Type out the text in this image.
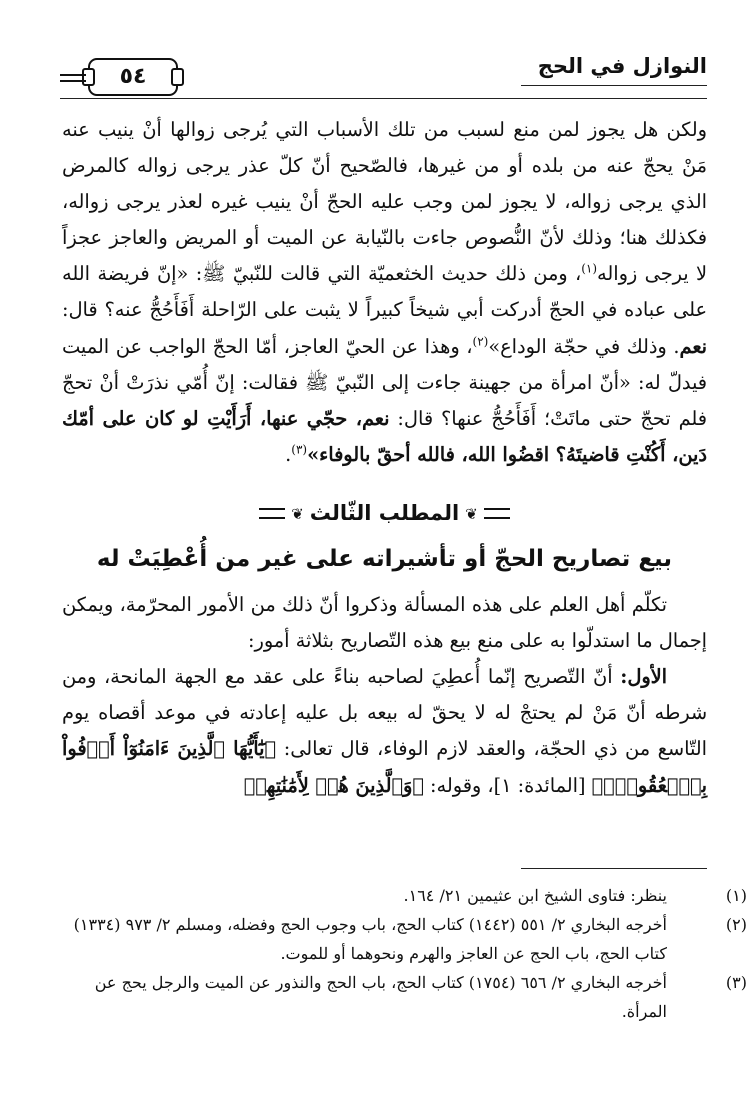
النوازل في الحج
٥٤

ولكن هل يجوز لمن منع لسبب من تلك الأسباب التي يُرجى زوالها أنْ ينيب عنه مَنْ يحجّ عنه من بلده أو من غيرها، فالصّحيح أنّ كلّ عذر يرجى زواله كالمرض الذي يرجى زواله، لا يجوز لمن وجب عليه الحجّ أنْ ينيب غيره لعذر يرجى زواله، فكذلك هنا؛ وذلك لأنّ النُّصوص جاءت بالنّيابة عن الميت أو المريض والعاجز عجزاً لا يرجى زواله$^{(١)}$، ومن ذلك حديث الخثعميّة التي قالت للنّبيّ ﷺ: «إنّ فريضة الله على عباده في الحجّ أدركت أبي شيخاً كبيراً لا يثبت على الرّاحلة أَفَأَحُجُّ عنه؟ قال: نعم. وذلك في حجّة الوداع»$^{(٢)}$، وهذا عن الحيّ العاجز، أمّا الحجّ الواجب عن الميت فيدلّ له: «أنّ امرأة من جهينة جاءت إلى النّبيّ ﷺ فقالت: إنّ أُمّي نذرَتْ أنْ تحجّ فلم تحجّ حتى ماتَتْ؛ أَفَأَحُجُّ عنها؟ قال: نعم، حجّي عنها، أَرَأَيْتِ لو كان على أمّك دَين، أَكُنْتِ قاضيتَهُ؟ اقضُوا الله، فالله أحقّ بالوفاء»$^{(٣)}$.

❦المطلب الثّالث❦
بيع تصاريح الحجّ أو تأشيراته على غير من أُعْطِيَتْ له

تكلّم أهل العلم على هذه المسألة وذكروا أنّ ذلك من الأمور المحرّمة، ويمكن إجمال ما استدلّوا به على منع بيع هذه التّصاريح بثلاثة أمور:

الأول: أنّ التّصريح إنّما أُعطِيَ لصاحبه بناءً على عقد مع الجهة المانحة، ومن شرطه أنّ مَنْ لم يحتجْ له لا يحقّ له بيعه بل عليه إعادته في موعد أقصاه يوم التّاسع من ذي الحجّة، والعقد لازم الوفاء، قال تعالى: ﴿يَٰٓأَيُّهَا ٱلَّذِينَ ءَامَنُوٓاْ أَوۡفُواْ بِٱلۡعُقُودِۚ﴾ [المائدة: ١]، وقوله: ﴿وَٱلَّذِينَ هُمۡ لِأَمَٰنَٰتِهِمۡ

(١)ينظر: فتاوى الشيخ ابن عثيمين ٢١/ ١٦٤.

(٢)أخرجه البخاري ٢/ ٥٥١ (١٤٤٢) كتاب الحج، باب وجوب الحج وفضله، ومسلم ٢/ ٩٧٣ (١٣٣٤) كتاب الحج، باب الحج عن العاجز والهرم ونحوهما أو للموت.

(٣)أخرجه البخاري ٢/ ٦٥٦ (١٧٥٤) كتاب الحج، باب الحج والنذور عن الميت والرجل يحج عن المرأة.
